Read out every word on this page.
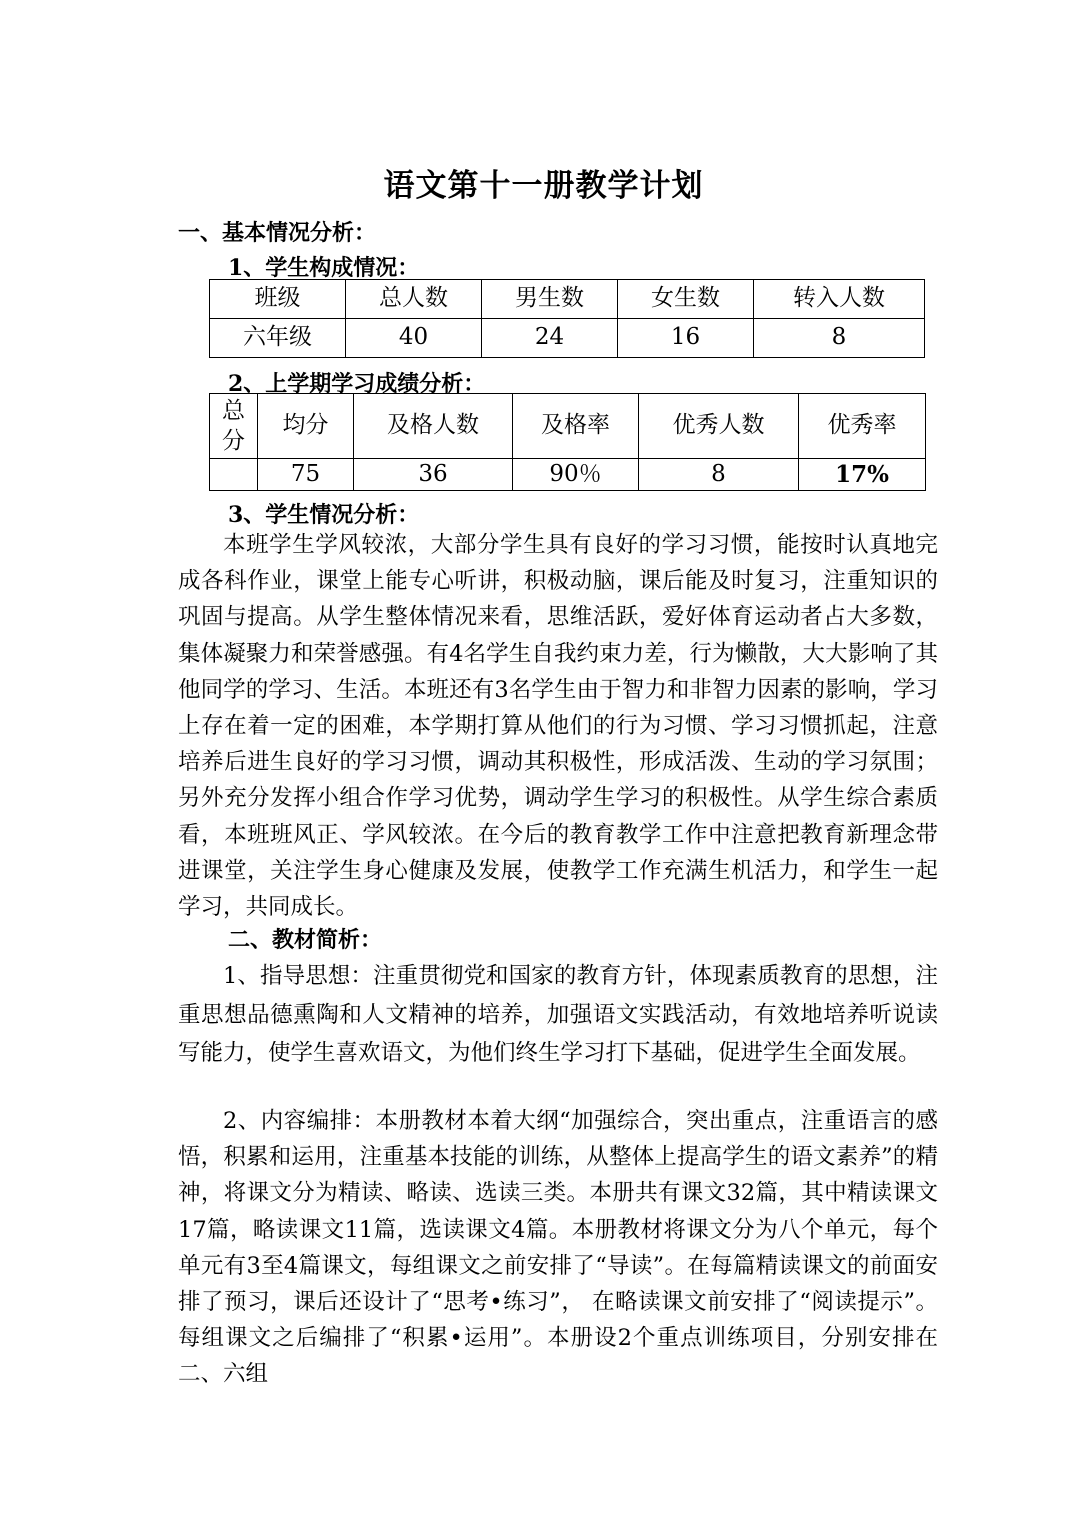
语文第十一册教学计划
一、基本情况分析：
1、学生构成情况：
班级	总人数	男生数	女生数	转入人数
六年级	40	24	16	8
2、上学期学习成绩分析：
总分	均分	及格人数	及格率	优秀人数	优秀率
	75	36	90％	8	17%
3、学生情况分析：

本班学生学风较浓，大部分学生具有良好的学习习惯，能按时认真地完成各科作业，课堂上能专心听讲，积极动脑，课后能及时复习，注重知识的巩固与提高。从学生整体情况来看，思维活跃，爱好体育运动者占大多数，集体凝聚力和荣誉感强。有4名学生自我约束力差，行为懒散，大大影响了其他同学的学习、生活。本班还有3名学生由于智力和非智力因素的影响，学习上存在着一定的困难，本学期打算从他们的行为习惯、学习习惯抓起，注意培养后进生良好的学习习惯，调动其积极性，形成活泼、生动的学习氛围；另外充分发挥小组合作学习优势，调动学生学习的积极性。从学生综合素质看，本班班风正、学风较浓。在今后的教育教学工作中注意把教育新理念带进课堂，关注学生身心健康及发展，使教学工作充满生机活力，和学生一起学习，共同成长。

二、教材简析：

1、指导思想：注重贯彻党和国家的教育方针，体现素质教育的思想，注重思想品德熏陶和人文精神的培养，加强语文实践活动，有效地培养听说读写能力，使学生喜欢语文，为他们终生学习打下基础，促进学生全面发展。

2、内容编排：本册教材本着大纲“加强综合，突出重点，注重语言的感悟，积累和运用，注重基本技能的训练，从整体上提高学生的语文素养”的精神，将课文分为精读、略读、选读三类。本册共有课文32篇，其中精读课文17篇，略读课文11篇，选读课文4篇。本册教材将课文分为八个单元，每个单元有3至4篇课文，每组课文之前安排了“导读”。在每篇精读课文的前面安排了预习，课后还设计了“思考•练习”， 在略读课文前安排了“阅读提示”。 每组课文之后编排了“积累•运用”。本册设2个重点训练项目，分别安排在二、六组
